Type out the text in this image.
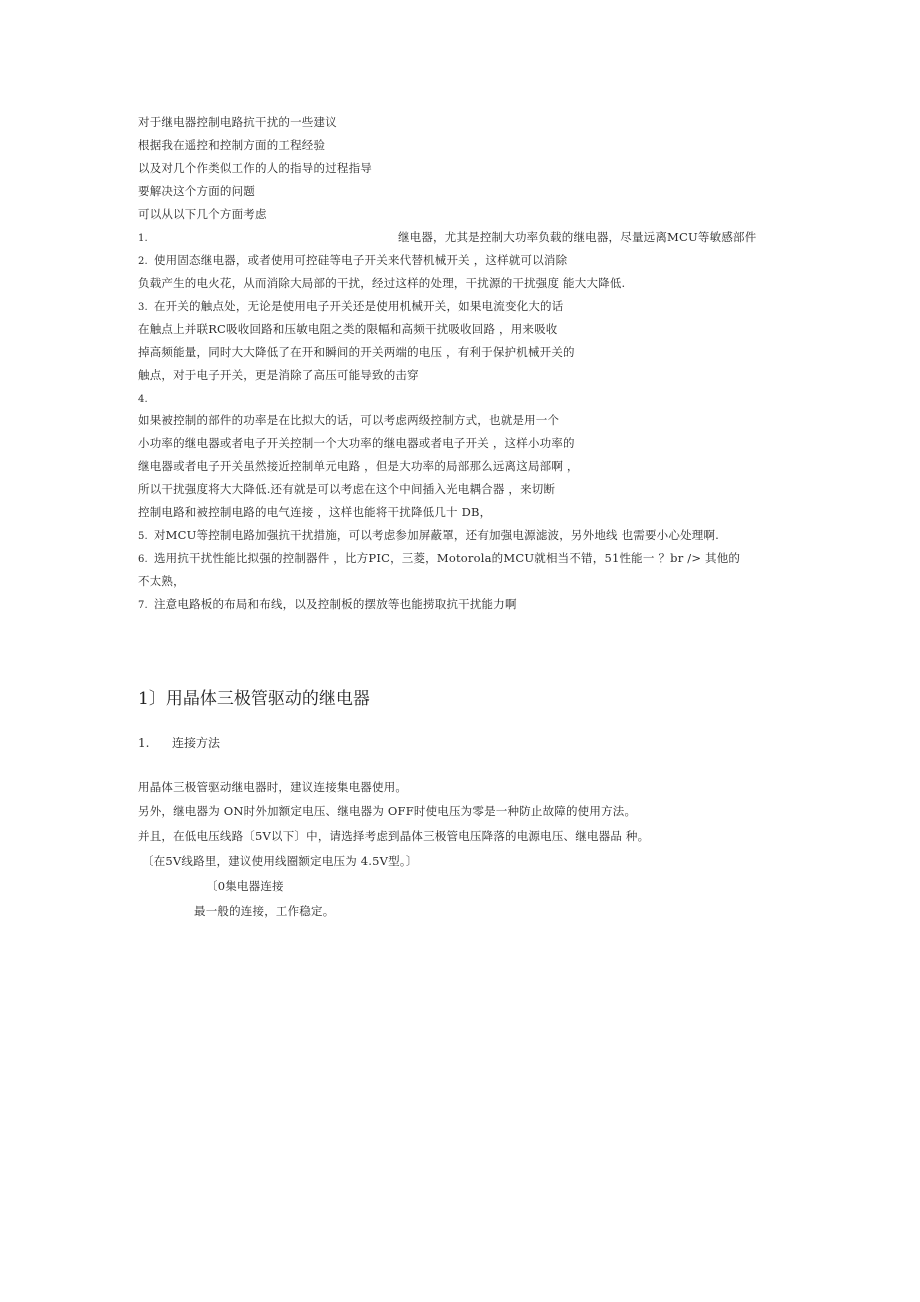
对于继电器控制电路抗干扰的一些建议
根据我在遥控和控制方面的工程经验
以及对几个作类似工作的人的指导的过程指导
要解决这个方面的问题
可以从以下几个方面考虑
1.	继电器，尤其是控制大功率负载的继电器，尽量远离MCU等敏感部件
2. 使用固态继电器，或者使用可控硅等电子开关来代替机械开关 ，这样就可以消除
负载产生的电火花，从而消除大局部的干扰，经过这样的处理，干扰源的干扰强度 能大大降低.
3. 在开关的触点处，无论是使用电子开关还是使用机械开关，如果电流变化大的话
在触点上并联RC吸收回路和压敏电阻之类的限幅和高频干扰吸收回路 ，用来吸收
掉高频能量，同时大大降低了在开和瞬间的开关两端的电压 ，有利于保护机械开关的
触点，对于电子开关，更是消除了高压可能导致的击穿
4.
如果被控制的部件的功率是在比拟大的话，可以考虑两级控制方式，也就是用一个
小功率的继电器或者电子开关控制一个大功率的继电器或者电子开关 ，这样小功率的
继电器或者电子开关虽然接近控制单元电路 ，但是大功率的局部那么远离这局部啊 ，
所以干扰强度将大大降低.还有就是可以考虑在这个中间插入光电耦合器 ，来切断
控制电路和被控制电路的电气连接 ，这样也能将干扰降低几十 DB，
5. 对MCU等控制电路加强抗干扰措施，可以考虑参加屏蔽罩，还有加强电源滤波，另外地线 也需要小心处理啊.
6. 选用抗干扰性能比拟强的控制器件 ，比方PIC，三菱，Motorola的MCU就相当不错，51性能一 ？br /> 其他的
不太熟，
7. 注意电路板的布局和布线，以及控制板的摆放等也能捞取抗干扰能力啊
1〕用晶体三极管驱动的继电器
1. 连接方法
用晶体三极管驱动继电器时，建议连接集电器使用。
另外，继电器为 ON时外加额定电压、继电器为 OFF时使电压为零是一种防止故障的使用方法。
并且，在低电压线路〔5V以下〕中，请选择考虑到晶体三极管电压降落的电源电压、继电器品 种。
〔在5V线路里，建议使用线圈额定电压为 4.5V型。〕
〔0集电器连接
最一般的连接，工作稳定。
